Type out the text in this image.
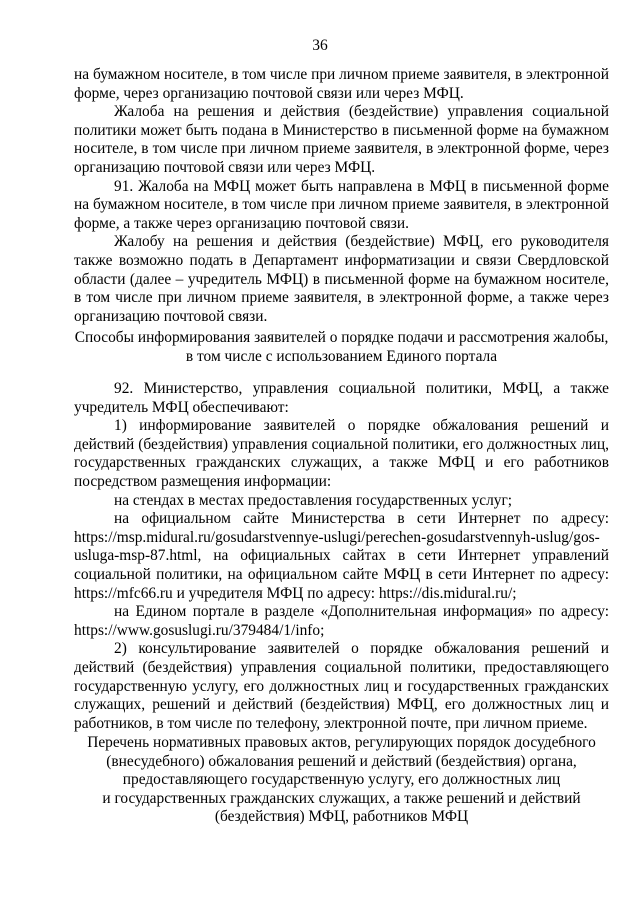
36

на бумажном носителе, в том числе при личном приеме заявителя, в электронной форме, через организацию почтовой связи или через МФЦ.

Жалоба на решения и действия (бездействие) управления социальной политики может быть подана в Министерство в письменной форме на бумажном носителе, в том числе при личном приеме заявителя, в электронной форме, через организацию почтовой связи или через МФЦ.

91. Жалоба на МФЦ может быть направлена в МФЦ в письменной форме на бумажном носителе, в том числе при личном приеме заявителя, в электронной форме, а также через организацию почтовой связи.

Жалобу на решения и действия (бездействие) МФЦ, его руководителя также возможно подать в Департамент информатизации и связи Свердловской области (далее – учредитель МФЦ) в письменной форме на бумажном носителе, в том числе при личном приеме заявителя, в электронной форме, а также через организацию почтовой связи.

Способы информирования заявителей о порядке подачи и рассмотрения жалобы,
в том числе с использованием Единого портала

92. Министерство, управления социальной политики, МФЦ, а также учредитель МФЦ обеспечивают:

1) информирование заявителей о порядке обжалования решений и действий (бездействия) управления социальной политики, его должностных лиц, государственных гражданских служащих, а также МФЦ и его работников посредством размещения информации:

на стендах в местах предоставления государственных услуг;

на официальном сайте Министерства в сети Интернет по адресу: https://msp.midural.ru/gosudarstvennye-uslugi/perechen-gosudarstvennyh-uslug/gos-usluga-msp-87.html, на официальных сайтах в сети Интернет управлений социальной политики, на официальном сайте МФЦ в сети Интернет по адресу: https://mfc66.ru и учредителя МФЦ по адресу: https://dis.midural.ru/;

на Едином портале в разделе «Дополнительная информация» по адресу: https://www.gosuslugi.ru/379484/1/info;

2) консультирование заявителей о порядке обжалования решений и действий (бездействия) управления социальной политики, предоставляющего государственную услугу, его должностных лиц и государственных гражданских служащих, решений и действий (бездействия) МФЦ, его должностных лиц и работников, в том числе по телефону, электронной почте, при личном приеме.

Перечень нормативных правовых актов, регулирующих порядок досудебного
(внесудебного) обжалования решений и действий (бездействия) органа,
предоставляющего государственную услугу, его должностных лиц
и государственных гражданских служащих, а также решений и действий
(бездействия) МФЦ, работников МФЦ
